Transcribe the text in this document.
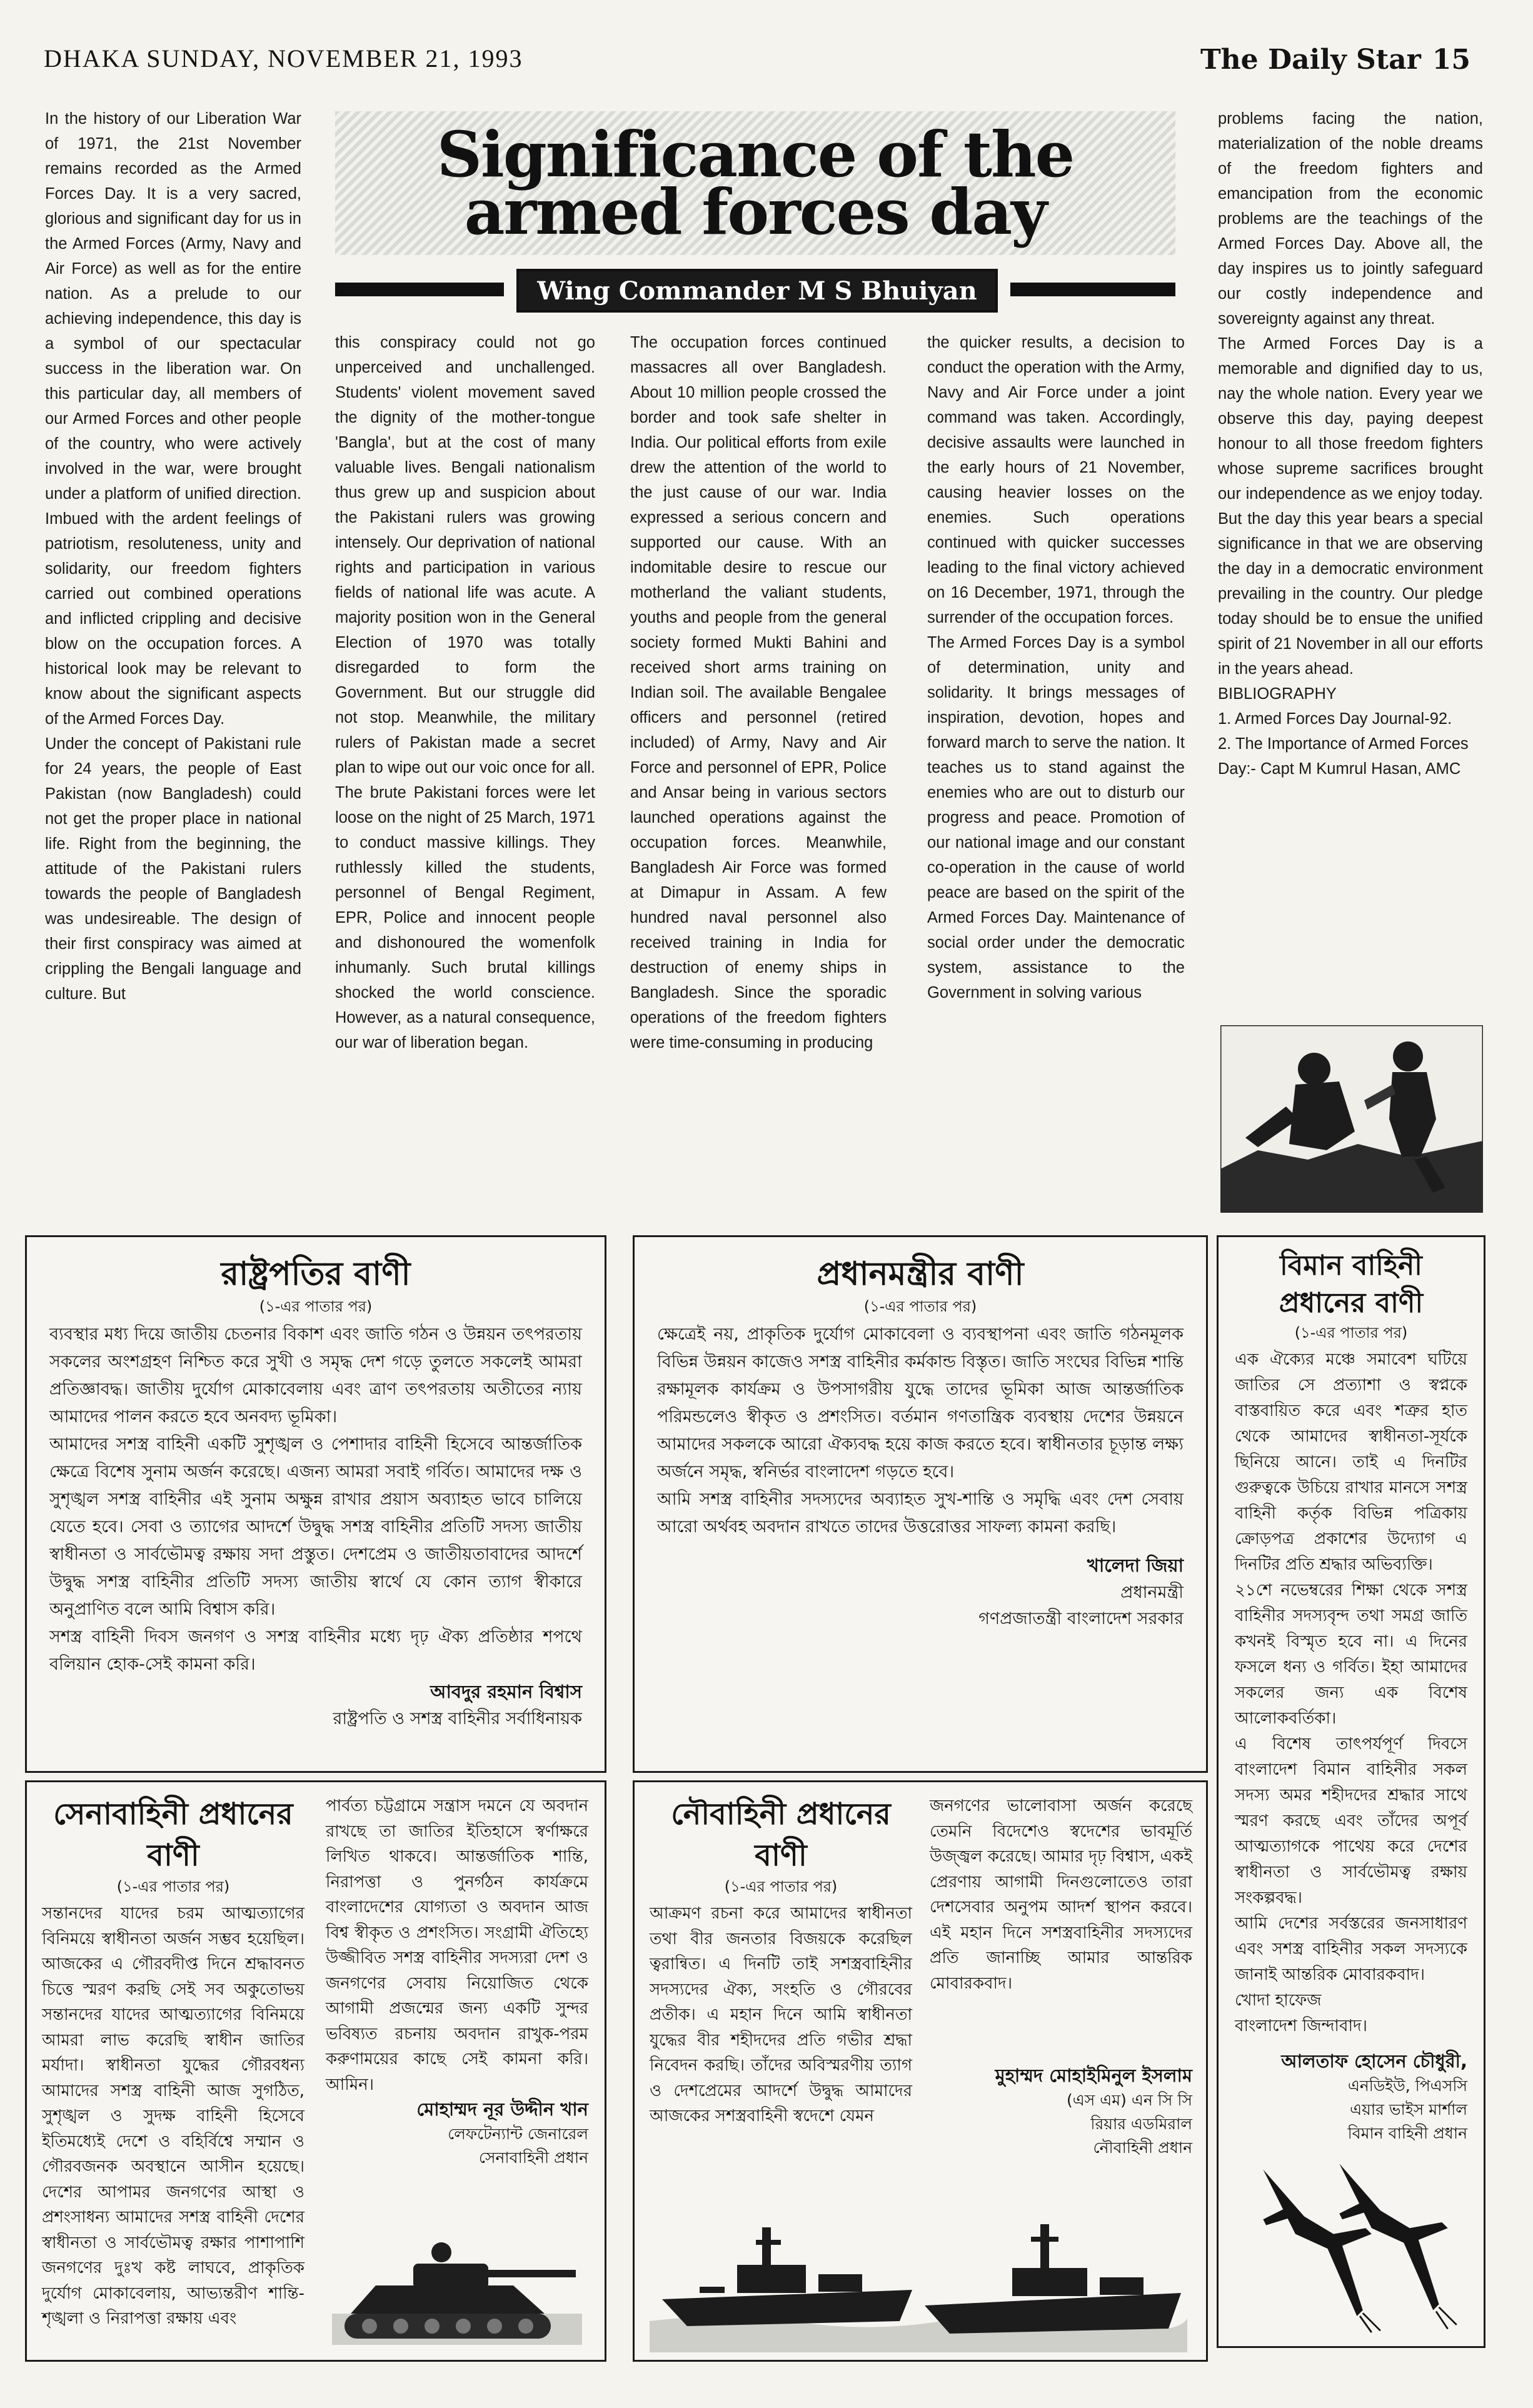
DHAKA SUNDAY, NOVEMBER 21, 1993	The Daily Star 15
Significance of the armed forces day
Wing Commander M S Bhuiyan

In the history of our Liberation War of 1971, the 21st November remains recorded as the Armed Forces Day. It is a very sacred, glorious and significant day for us in the Armed Forces (Army, Navy and Air Force) as well as for the entire nation. As a prelude to our achieving independence, this day is a symbol of our spectacular success in the liberation war. On this particular day, all members of our Armed Forces and other people of the country, who were actively involved in the war, were brought under a platform of unified direction. Imbued with the ardent feelings of patriotism, resoluteness, unity and solidarity, our freedom fighters carried out combined operations and inflicted crippling and decisive blow on the occupation forces. A historical look may be relevant to know about the significant aspects of the Armed Forces Day.

Under the concept of Pakistani rule for 24 years, the people of East Pakistan (now Bangladesh) could not get the proper place in national life. Right from the beginning, the attitude of the Pakistani rulers towards the people of Bangladesh was undesireable. The design of their first conspiracy was aimed at crippling the Bengali language and culture. But

this conspiracy could not go unperceived and unchallenged. Students' violent movement saved the dignity of the mother-tongue 'Bangla', but at the cost of many valuable lives. Bengali nationalism thus grew up and suspicion about the Pakistani rulers was growing intensely. Our deprivation of national rights and participation in various fields of national life was acute. A majority position won in the General Election of 1970 was totally disregarded to form the Government. But our struggle did not stop. Meanwhile, the military rulers of Pakistan made a secret plan to wipe out our voic once for all. The brute Pakistani forces were let loose on the night of 25 March, 1971 to conduct massive killings. They ruthlessly killed the students, personnel of Bengal Regiment, EPR, Police and innocent people and dishonoured the womenfolk inhumanly. Such brutal killings shocked the world conscience. However, as a natural consequence, our war of liberation began.

The occupation forces continued massacres all over Bangladesh. About 10 million people crossed the border and took safe shelter in India. Our political efforts from exile drew the attention of the world to the just cause of our war. India expressed a serious concern and supported our cause. With an indomitable desire to rescue our motherland the valiant students, youths and people from the general society formed Mukti Bahini and received short arms training on Indian soil. The available Bengalee officers and personnel (retired included) of Army, Navy and Air Force and personnel of EPR, Police and Ansar being in various sectors launched operations against the occupation forces. Meanwhile, Bangladesh Air Force was formed at Dimapur in Assam. A few hundred naval personnel also received training in India for destruction of enemy ships in Bangladesh. Since the sporadic operations of the freedom fighters were time-consuming in producing

the quicker results, a decision to conduct the operation with the Army, Navy and Air Force under a joint command was taken. Accordingly, decisive assaults were launched in the early hours of 21 November, causing heavier losses on the enemies. Such operations continued with quicker successes leading to the final victory achieved on 16 December, 1971, through the surrender of the occupation forces.

The Armed Forces Day is a symbol of determination, unity and solidarity. It brings messages of inspiration, devotion, hopes and forward march to serve the nation. It teaches us to stand against the enemies who are out to disturb our progress and peace. Promotion of our national image and our constant co-operation in the cause of world peace are based on the spirit of the Armed Forces Day. Maintenance of social order under the democratic system, assistance to the Government in solving various

problems facing the nation, materialization of the noble dreams of the freedom fighters and emancipation from the economic problems are the teachings of the Armed Forces Day. Above all, the day inspires us to jointly safeguard our costly independence and sovereignty against any threat.

The Armed Forces Day is a memorable and dignified day to us, nay the whole nation. Every year we observe this day, paying deepest honour to all those freedom fighters whose supreme sacrifices brought our independence as we enjoy today. But the day this year bears a special significance in that we are observing the day in a democratic environment prevailing in the country. Our pledge today should be to ensue the unified spirit of 21 November in all our efforts in the years ahead.

BIBLIOGRAPHY

1. Armed Forces Day Journal-92.

2. The Importance of Armed Forces Day:- Capt M Kumrul Hasan, AMC

রাষ্ট্রপতির বাণী
(১-এর পাতার পর)

ব্যবস্থার মধ্য দিয়ে জাতীয় চেতনার বিকাশ এবং জাতি গঠন ও উন্নয়ন তৎপরতায় সকলের অংশগ্রহণ নিশ্চিত করে সুখী ও সমৃদ্ধ দেশ গড়ে তুলতে সকলেই আমরা প্রতিজ্ঞাবদ্ধ। জাতীয় দুর্যোগ মোকাবেলায় এবং ত্রাণ তৎপরতায় অতীতের ন্যায় আমাদের পালন করতে হবে অনবদ্য ভূমিকা।

আমাদের সশস্ত্র বাহিনী একটি সুশৃঙ্খল ও পেশাদার বাহিনী হিসেবে আন্তর্জাতিক ক্ষেত্রে বিশেষ সুনাম অর্জন করেছে। এজন্য আমরা সবাই গর্বিত। আমাদের দক্ষ ও সুশৃঙ্খল সশস্ত্র বাহিনীর এই সুনাম অক্ষুন্ন রাখার প্রয়াস অব্যাহত ভাবে চালিয়ে যেতে হবে। সেবা ও ত্যাগের আদর্শে উদ্বুদ্ধ সশস্ত্র বাহিনীর প্রতিটি সদস্য জাতীয় স্বাধীনতা ও সার্বভৌমত্ব রক্ষায় সদা প্রস্তুত। দেশপ্রেম ও জাতীয়তাবাদের আদর্শে উদ্বুদ্ধ সশস্ত্র বাহিনীর প্রতিটি সদস্য জাতীয় স্বার্থে যে কোন ত্যাগ স্বীকারে অনুপ্রাণিত বলে আমি বিশ্বাস করি।

সশস্ত্র বাহিনী দিবস জনগণ ও সশস্ত্র বাহিনীর মধ্যে দৃঢ় ঐক্য প্রতিষ্ঠার শপথে বলিয়ান হোক-সেই কামনা করি।

আবদুর রহমান বিশ্বাস
রাষ্ট্রপতি ও সশস্ত্র বাহিনীর সর্বাধিনায়ক
প্রধানমন্ত্রীর বাণী
(১-এর পাতার পর)

ক্ষেত্রেই নয়, প্রাকৃতিক দুর্যোগ মোকাবেলা ও ব্যবস্থাপনা এবং জাতি গঠনমূলক বিভিন্ন উন্নয়ন কাজেও সশস্ত্র বাহিনীর কর্মকান্ড বিস্তৃত। জাতি সংঘের বিভিন্ন শান্তি রক্ষামূলক কার্যক্রম ও উপসাগরীয় যুদ্ধে তাদের ভূমিকা আজ আন্তর্জাতিক পরিমন্ডলেও স্বীকৃত ও প্রশংসিত। বর্তমান গণতান্ত্রিক ব্যবস্থায় দেশের উন্নয়নে আমাদের সকলকে আরো ঐক্যবদ্ধ হয়ে কাজ করতে হবে। স্বাধীনতার চূড়ান্ত লক্ষ্য অর্জনে সমৃদ্ধ, স্বনির্ভর বাংলাদেশ গড়তে হবে।

আমি সশস্ত্র বাহিনীর সদস্যদের অব্যাহত সুখ-শান্তি ও সমৃদ্ধি এবং দেশ সেবায় আরো অর্থবহ অবদান রাখতে তাদের উত্তরোত্তর সাফল্য কামনা করছি।

খালেদা জিয়া
প্রধানমন্ত্রী
গণপ্রজাতন্ত্রী বাংলাদেশ সরকার
বিমান বাহিনী প্রধানের বাণী
(১-এর পাতার পর)

এক ঐক্যের মঞ্চে সমাবেশ ঘটিয়ে জাতির সে প্রত্যাশা ও স্বপ্নকে বাস্তবায়িত করে এবং শত্রুর হাত থেকে আমাদের স্বাধীনতা-সূর্যকে ছিনিয়ে আনে। তাই এ দিনটির গুরুত্বকে উচিয়ে রাখার মানসে সশস্ত্র বাহিনী কর্তৃক বিভিন্ন পত্রিকায় ক্রোড়পত্র প্রকাশের উদ্যোগ এ দিনটির প্রতি শ্রদ্ধার অভিব্যক্তি।

২১শে নভেম্বরের শিক্ষা থেকে সশস্ত্র বাহিনীর সদস্যবৃন্দ তথা সমগ্র জাতি কখনই বিস্মৃত হবে না। এ দিনের ফসলে ধন্য ও গর্বিত। ইহা আমাদের সকলের জন্য এক বিশেষ আলোকবর্তিকা।

এ বিশেষ তাৎপর্যপূর্ণ দিবসে বাংলাদেশ বিমান বাহিনীর সকল সদস্য অমর শহীদদের শ্রদ্ধার সাথে স্মরণ করছে এবং তাঁদের অপূর্ব আত্মত্যাগকে পাথেয় করে দেশের স্বাধীনতা ও সার্বভৌমত্ব রক্ষায় সংকল্পবদ্ধ।

আমি দেশের সর্বস্তরের জনসাধারণ এবং সশস্ত্র বাহিনীর সকল সদস্যকে জানাই আন্তরিক মোবারকবাদ।

খোদা হাফেজ

বাংলাদেশ জিন্দাবাদ।

আলতাফ হোসেন চৌধুরী,
এনডিইউ, পিএসসি
এয়ার ভাইস মার্শাল
বিমান বাহিনী প্রধান
সেনাবাহিনী প্রধানের বাণী
(১-এর পাতার পর)
সন্তানদের যাদের চরম আত্মত্যাগের বিনিময়ে স্বাধীনতা অর্জন সম্ভব হয়েছিল। আজকের এ গৌরবদীপ্ত দিনে শ্রদ্ধাবনত চিত্তে স্মরণ করছি সেই সব অকুতোভয় সন্তানদের যাদের আত্মত্যাগের বিনিময়ে আমরা লাভ করেছি স্বাধীন জাতির মর্যাদা। স্বাধীনতা যুদ্ধের গৌরবধন্য আমাদের সশস্ত্র বাহিনী আজ সুগঠিত, সুশৃঙ্খল ও সুদক্ষ বাহিনী হিসেবে ইতিমধ্যেই দেশে ও বহির্বিশ্বে সম্মান ও গৌরবজনক অবস্থানে আসীন হয়েছে। দেশের আপামর জনগণের আস্থা ও প্রশংসাধন্য আমাদের সশস্ত্র বাহিনী দেশের স্বাধীনতা ও সার্বভৌমত্ব রক্ষার পাশাপাশি জনগণের দুঃখ কষ্ট লাঘবে, প্রাকৃতিক দুর্যোগ মোকাবেলায়, আভ্যন্তরীণ শান্তি-শৃঙ্খলা ও নিরাপত্তা রক্ষায় এবং
পার্বত্য চট্টগ্রামে সন্ত্রাস দমনে যে অবদান রাখছে তা জাতির ইতিহাসে স্বর্ণাক্ষরে লিখিত থাকবে। আন্তর্জাতিক শান্তি, নিরাপত্তা ও পুনর্গঠন কার্যক্রমে বাংলাদেশের যোগ্যতা ও অবদান আজ বিশ্ব স্বীকৃত ও প্রশংসিত। সংগ্রামী ঐতিহ্যে উজ্জীবিত সশস্ত্র বাহিনীর সদস্যরা দেশ ও জনগণের সেবায় নিয়োজিত থেকে আগামী প্রজন্মের জন্য একটি সুন্দর ভবিষ্যত রচনায় অবদান রাখুক-পরম করুণাময়ের কাছে সেই কামনা করি। আমিন।
মোহাম্মদ নূর উদ্দীন খান
লেফটেন্যান্ট জেনারেল
সেনাবাহিনী প্রধান
নৌবাহিনী প্রধানের বাণী
(১-এর পাতার পর)
আক্রমণ রচনা করে আমাদের স্বাধীনতা তথা বীর জনতার বিজয়কে করেছিল ত্বরান্বিত। এ দিনটি তাই সশস্ত্রবাহিনীর সদস্যদের ঐক্য, সংহতি ও গৌরবের প্রতীক। এ মহান দিনে আমি স্বাধীনতা যুদ্ধের বীর শহীদদের প্রতি গভীর শ্রদ্ধা নিবেদন করছি। তাঁদের অবিস্মরণীয় ত্যাগ ও দেশপ্রেমের আদর্শে উদ্বুদ্ধ আমাদের আজকের সশস্ত্রবাহিনী স্বদেশে যেমন
জনগণের ভালোবাসা অর্জন করেছে তেমনি বিদেশেও স্বদেশের ভাবমূর্তি উজ্জ্বল করেছে। আমার দৃঢ় বিশ্বাস, একই প্রেরণায় আগামী দিনগুলোতেও তারা দেশসেবার অনুপম আদর্শ স্থাপন করবে। এই মহান দিনে সশস্ত্রবাহিনীর সদস্যদের প্রতি জানাচ্ছি আমার আন্তরিক মোবারকবাদ।
মুহাম্মদ মোহাইমিনুল ইসলাম
(এস এম) এন সি সি
রিয়ার এডমিরাল
নৌবাহিনী প্রধান
